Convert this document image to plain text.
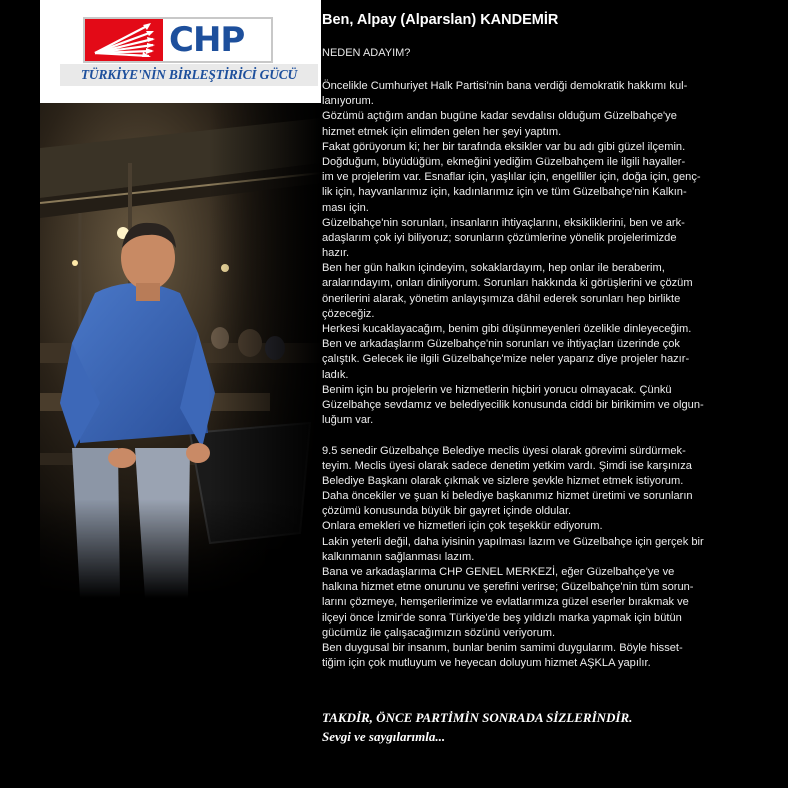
CHP
TÜRKİYE'NİN BİRLEŞTİRİCİ GÜCÜ
Ben, Alpay (Alparslan) KANDEMİR
NEDEN ADAYIM?
Öncelikle Cumhuriyet Halk Partisi'nin bana verdiği demokratik hakkımı kul-
lanıyorum.
Gözümü açtığım andan bugüne kadar sevdalısı olduğum Güzelbahçe'ye
hizmet etmek için elimden gelen her şeyi yaptım.
Fakat görüyorum ki; her bir tarafında eksikler var bu adı gibi güzel ilçemin.
Doğduğum, büyüdüğüm, ekmeğini yediğim Güzelbahçem ile ilgili hayaller-
im ve projelerim var. Esnaflar için, yaşlılar için, engelliler için, doğa için, genç-
lik için, hayvanlarımız için, kadınlarımız için ve tüm Güzelbahçe'nin Kalkın-
ması için.
Güzelbahçe'nin sorunları, insanların ihtiyaçlarını, eksikliklerini, ben ve ark-
adaşlarım çok iyi biliyoruz; sorunların çözümlerine yönelik projelerimizde
hazır.
Ben her gün halkın içindeyim, sokaklardayım, hep onlar ile beraberim,
aralarındayım, onları dinliyorum. Sorunları hakkında ki görüşlerini ve çözüm
önerilerini alarak, yönetim anlayışımıza dâhil ederek sorunları hep birlikte
çözeceğiz.
Herkesi kucaklayacağım, benim gibi düşünmeyenleri özelikle dinleyeceğim.
Ben ve arkadaşlarım Güzelbahçe'nin sorunları ve ihtiyaçları üzerinde çok
çalıştık. Gelecek ile ilgili Güzelbahçe'mize neler yaparız diye projeler hazır-
ladık.
Benim için bu projelerin ve hizmetlerin hiçbiri yorucu olmayacak. Çünkü
Güzelbahçe sevdamız ve belediyecilik konusunda ciddi bir birikimim ve olgun-
luğum var.
9.5 senedir Güzelbahçe Belediye meclis üyesi olarak görevimi sürdürmek-
teyim. Meclis üyesi olarak sadece denetim yetkim vardı. Şimdi ise karşınıza
Belediye Başkanı olarak çıkmak ve sizlere şevkle hizmet etmek istiyorum.
Daha öncekiler ve şuan ki belediye başkanımız hizmet üretimi ve sorunların
çözümü konusunda büyük bir gayret içinde oldular.
Onlara emekleri ve hizmetleri için çok teşekkür ediyorum.
Lakin yeterli değil, daha iyisinin yapılması lazım ve Güzelbahçe için gerçek bir
kalkınmanın sağlanması lazım.
Bana ve arkadaşlarıma CHP GENEL MERKEZİ, eğer Güzelbahçe'ye ve
halkına hizmet etme onurunu ve şerefini verirse; Güzelbahçe'nin tüm sorun-
larını çözmeye, hemşerilerimize ve evlatlarımıza güzel eserler bırakmak ve
ilçeyi önce İzmir'de sonra Türkiye'de beş yıldızlı marka yapmak için bütün
gücümüz ile çalışacağımızın sözünü veriyorum.
Ben duygusal bir insanım, bunlar benim samimi duygularım. Böyle hisset-
tiğim için çok mutluyum ve heyecan doluyum hizmet AŞKLA yapılır.
TAKDİR, ÖNCE PARTİMİN SONRADA SİZLERİNDİR.
Sevgi ve saygılarımla...
